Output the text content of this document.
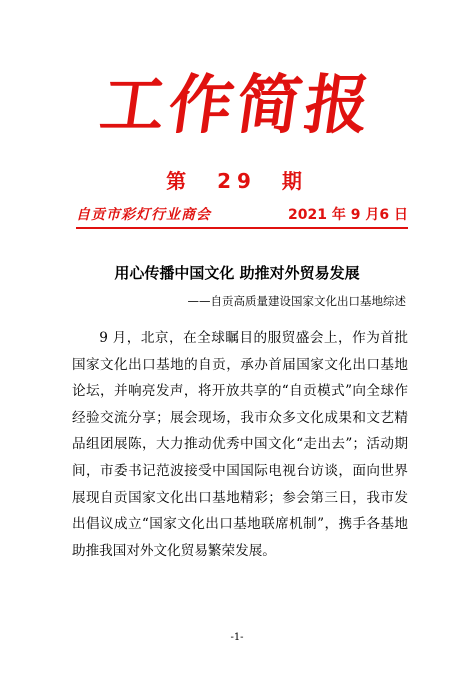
工作简报
第 29 期
自贡市彩灯行业商会	2021 年 9 月6 日
用心传播中国文化 助推对外贸易发展
——自贡高质量建设国家文化出口基地综述

9 月，北京，在全球瞩目的服贸盛会上，作为首批国家文化出口基地的自贡，承办首届国家文化出口基地论坛，并响亮发声，将开放共享的“自贡模式”向全球作经验交流分享；展会现场，我市众多文化成果和文艺精品组团展陈，大力推动优秀中国文化“走出去”；活动期间，市委书记范波接受中国国际电视台访谈，面向世界展现自贡国家文化出口基地精彩；参会第三日，我市发出倡议成立“国家文化出口基地联席机制”，携手各基地助推我国对外文化贸易繁荣发展。

-1-
